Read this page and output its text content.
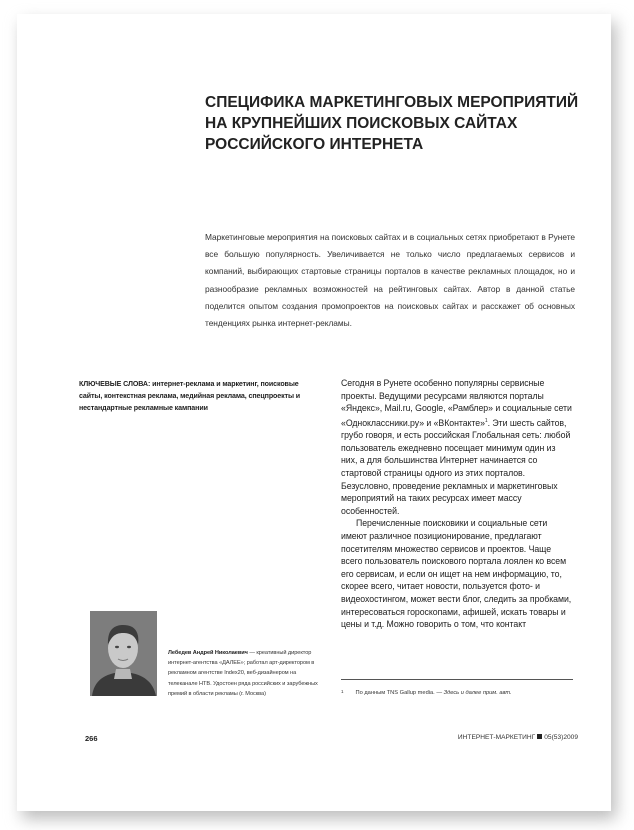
СПЕЦИФИКА МАРКЕТИНГОВЫХ МЕРОПРИЯТИЙ
НА КРУПНЕЙШИХ ПОИСКОВЫХ САЙТАХ
РОССИЙСКОГО ИНТЕРНЕТА

Маркетинговые мероприятия на поисковых сайтах и в социальных сетях приобретают в Рунете все большую популярность. Увеличивается не только число предлагаемых сервисов и компаний, выбирающих стартовые страницы порталов в качестве рекламных площадок, но и разнообразие рекламных возможностей на рейтинговых сайтах. Автор в данной статье поделится опытом создания промопроектов на поисковых сайтах и расскажет об основных тенденциях рынка интернет-рекламы.

КЛЮЧЕВЫЕ СЛОВА: интернет-реклама и маркетинг, поисковые сайты, контекстная реклама, медийная реклама, спецпроекты и нестандартные рекламные кампании

Сегодня в Рунете особенно популярны сервисные проекты. Ведущими ресурсами являются порталы «Яндекс», Mail.ru, Google, «Рамблер» и социальные сети «Одноклассники.ру» и «ВКонтакте»$^1$. Эти шесть сайтов, грубо говоря, и есть российская Глобальная сеть: любой пользователь ежедневно посещает минимум один из них, а для большинства Интернет начинается со стартовой страницы одного из этих порталов. Безусловно, проведение рекламных и маркетинговых мероприятий на таких ресурсах имеет массу особенностей.

Перечисленные поисковики и социальные сети имеют различное позиционирование, предлагают посетителям множество сервисов и проектов. Чаще всего пользователь поискового портала лоялен ко всем его сервисам, и если он ищет на нем информацию, то, скорее всего, читает новости, пользуется фото- и видеохостингом, может вести блог, следить за пробками, интересоваться гороскопами, афишей, искать товары и цены и т.д. Можно говорить о том, что контакт

Лебедев Андрей Николаевич — креативный директор интернет-агентства «ДАЛЕЕ»; работал арт-директором в рекламном агентстве Index20, веб-дизайнером на телеканале НТВ. Удостоен ряда российских и зарубежных премий в области рекламы (г. Москва)	$^1$ По данным TNS Gallup media. — Здесь и далее прим. авт.

266	ИНТЕРНЕТ-МАРКЕТИНГ 05(53)2009
